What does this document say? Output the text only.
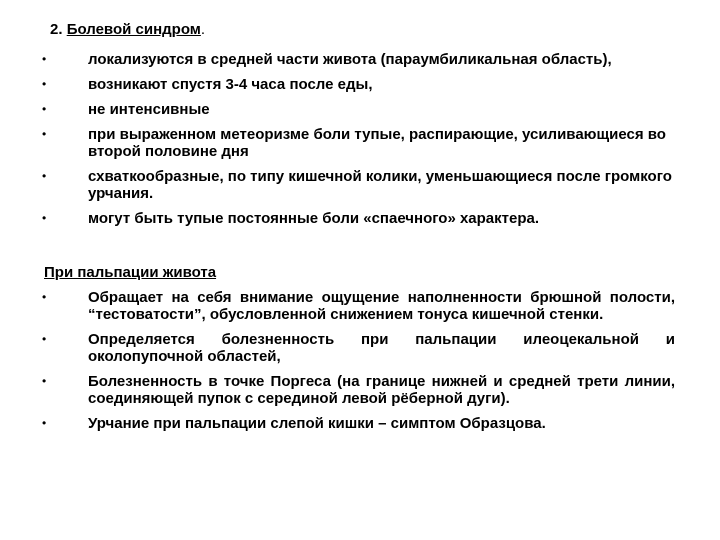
2. Болевой синдром.
•	локализуются в средней части живота (параумбиликальная область),
•	возникают спустя 3-4 часа после еды,
•	не интенсивные
•	при выраженном метеоризме боли тупые, распирающие, усиливающиеся во второй половине дня
•	схваткообразные, по типу кишечной колики, уменьшающиеся после громкого урчания.
•	могут быть тупые постоянные боли «спаечного» характера.
При пальпации живота
•	Обращает на себя внимание ощущение наполненности брюшной полости, “тестоватости”, обусловленной снижением тонуса кишечной стенки.
•	Определяется болезненность при пальпации илеоцекальной и околопупочной областей,
•	Болезненность в точке Поргеса (на границе нижней и средней трети линии, соединяющей пупок с серединой левой рёберной дуги).
•	Урчание при пальпации слепой кишки – симптом Образцова.
